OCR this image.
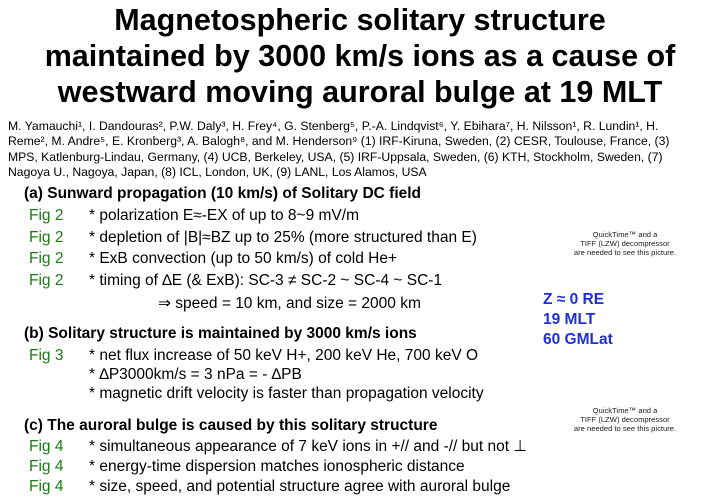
Magnetospheric solitary structure
maintained by 3000 km/s ions as a cause of
westward moving auroral bulge at 19 MLT
M. Yamauchi¹, I. Dandouras², P.W. Daly³, H. Frey⁴, G. Stenberg⁵, P.-A. Lindqvist⁶, Y. Ebihara⁷, H. Nilsson¹, R. Lundin¹, H.
Reme², M. Andre⁵, E. Kronberg³, A. Balogh⁸, and M. Henderson⁹ (1) IRF-Kiruna, Sweden, (2) CESR, Toulouse, France, (3)
MPS, Katlenburg-Lindau, Germany, (4) UCB, Berkeley, USA, (5) IRF-Uppsala, Sweden, (6) KTH, Stockholm, Sweden, (7)
Nagoya U., Nagoya, Japan, (8) ICL, London, UK, (9) LANL, Los Alamos, USA
(a) Sunward propagation (10 km/s) of Solitary DC field
Fig 2 * polarization E≈-EX of up to 8~9 mV/m
Fig 2 * depletion of |B|≈BZ up to 25% (more structured than E)
Fig 2 * ExB convection (up to 50 km/s) of cold He+
Fig 2 * timing of ∆E (& ExB): SC-3 ≠ SC-2 ~ SC-4 ~ SC-1
⇒ speed = 10 km, and size = 2000 km
(b) Solitary structure is maintained by 3000 km/s ions
Fig 3 * net flux increase of 50 keV H+, 200 keV He, 700 keV O
* ∆P3000km/s = 3 nPa = - ∆PB
* magnetic drift velocity is faster than propagation velocity
(c) The auroral bulge is caused by this solitary structure
Fig 4 * simultaneous appearance of 7 keV ions in +// and -// but not ⊥
Fig 4 * energy-time dispersion matches ionospheric distance
Fig 4 * size, speed, and potential structure agree with auroral bulge
QuickTime™ and a
TIFF (LZW) decompressor
are needed to see this picture.
QuickTime™ and a
TIFF (LZW) decompressor
are needed to see this picture.
Z ≈ 0 RE
19 MLT
60 GMLat
